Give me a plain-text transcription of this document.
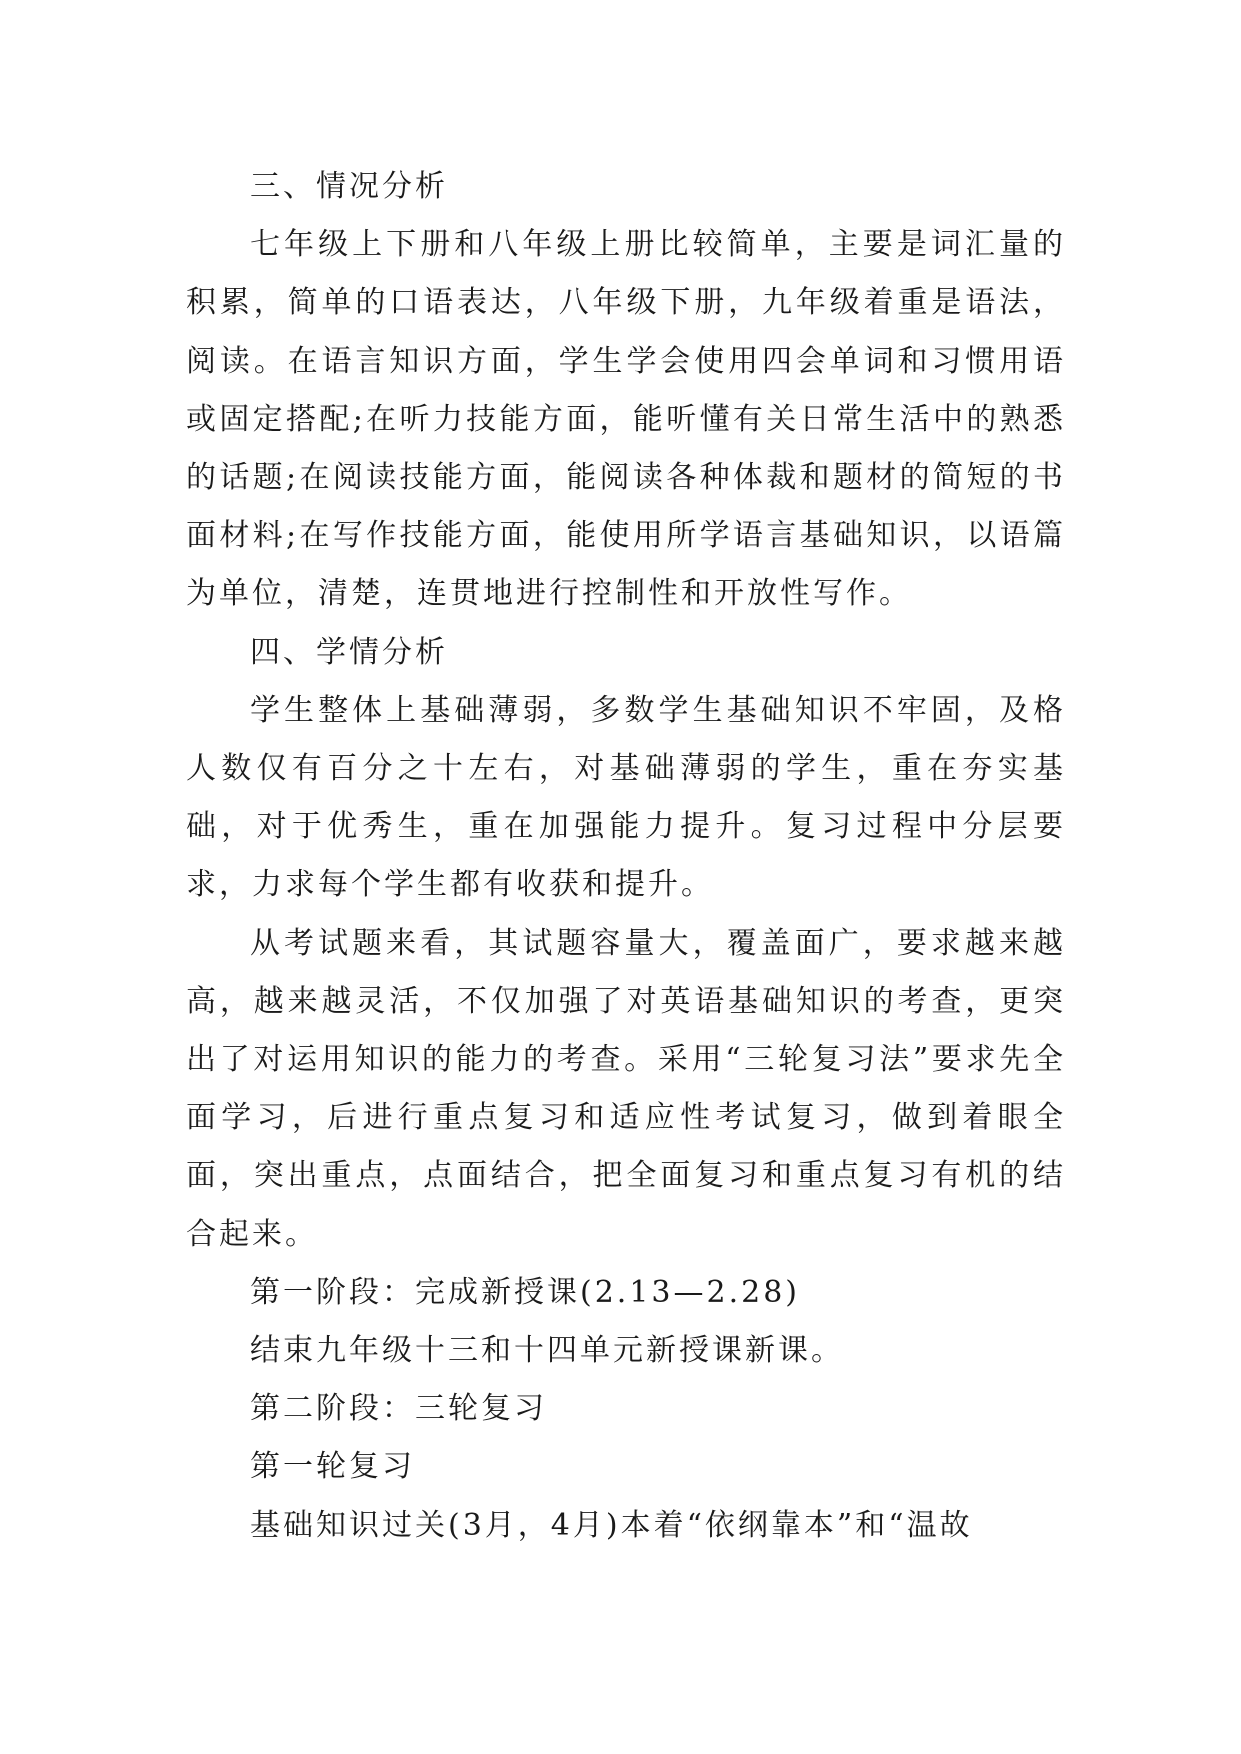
三、情况分析

七年级上下册和八年级上册比较简单，主要是词汇量的积累，简单的口语表达，八年级下册，九年级着重是语法，阅读。在语言知识方面，学生学会使用四会单词和习惯用语或固定搭配;在听力技能方面，能听懂有关日常生活中的熟悉的话题;在阅读技能方面，能阅读各种体裁和题材的简短的书面材料;在写作技能方面，能使用所学语言基础知识，以语篇为单位，清楚，连贯地进行控制性和开放性写作。

四、学情分析

学生整体上基础薄弱，多数学生基础知识不牢固，及格人数仅有百分之十左右，对基础薄弱的学生，重在夯实基础，对于优秀生，重在加强能力提升。复习过程中分层要求，力求每个学生都有收获和提升。

从考试题来看，其试题容量大，覆盖面广，要求越来越高，越来越灵活，不仅加强了对英语基础知识的考查，更突出了对运用知识的能力的考查。采用“三轮复习法”要求先全面学习，后进行重点复习和适应性考试复习，做到着眼全面，突出重点，点面结合，把全面复习和重点复习有机的结合起来。

第一阶段：完成新授课(2.13—2.28)

结束九年级十三和十四单元新授课新课。

第二阶段：三轮复习

第一轮复习

基础知识过关(3月，4月)本着“依纲靠本”和“温故
